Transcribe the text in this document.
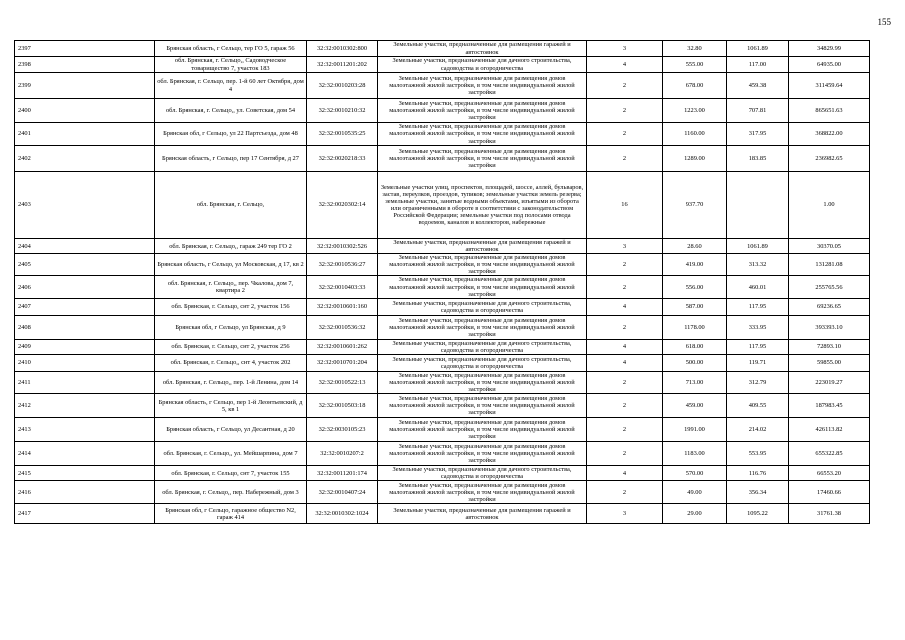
155
2397	Брянская область, г Сельцо, тер ГО 5, гараж 56	32:32:0010302:800	Земельные участки, предназначенные для размещения гаражей и автостоянок	3	32.80	1061.89	34829.99
2398	обл. Брянская, г. Сельцо,, Садоводческое товарищество 7, участок 183	32:32:0011201:202	Земельные участки, предназначенные для дачного строительства, садоводства и огородничества	4	555.00	117.00	64935.00
2399	обл. Брянская, г. Сельцо, пер. 1-й 60 лет Октября, дом 4	32:32:0010203:28	Земельные участки, предназначенные для размещения домов малоэтажной жилой застройки, в том числе индивидуальной жилой застройки	2	678.00	459.38	311459.64
2400	обл. Брянская, г. Сельцо,, ул. Советская, дом 54	32:32:0010210:32	Земельные участки, предназначенные для размещения домов малоэтажной жилой застройки, в том числе индивидуальной жилой застройки	2	1223.00	707.81	865651.63
2401	Брянская обл, г Сельцо, ул 22 Партсъезда, дом 48	32:32:0010535:25	Земельные участки, предназначенные для размещения домов малоэтажной жилой застройки, в том числе индивидуальной жилой застройки	2	1160.00	317.95	368822.00
2402	Брянская область, г Сельцо, пер 17 Сентября, д 27	32:32:0020218:33	Земельные участки, предназначенные для размещения домов малоэтажной жилой застройки, в том числе индивидуальной жилой застройки	2	1289.00	183.85	236982.65
2403	обл. Брянская, г. Сельцо,	32:32:0020302:14	Земельные участки улиц, проспектов, площадей, шоссе, аллей, бульваров, застав, переулков, проездов, тупиков; земельные участки земель резерва; земельные участки, занятые водными объектами, изъятыми из оборота или ограниченными в обороте в соответствии с законодательством Российской Федерации; земельные участки под полосами отвода водоемов, каналов и коллекторов, набережные	16	937.70		1.00
2404	обл. Брянская, г. Сельцо,, гараж 249 тер ГО 2	32:32:0010302:526	Земельные участки, предназначенные для размещения гаражей и автостоянок	3	28.60	1061.89	30370.05
2405	Брянская область, г Сельцо, ул Московская, д 17, кв 2	32:32:0010536:27	Земельные участки, предназначенные для размещения домов малоэтажной жилой застройки, в том числе индивидуальной жилой застройки	2	419.00	313.32	131281.08
2406	обл. Брянская, г. Сельцо,, пер. Чкалова, дом 7, квартира 2	32:32:0010403:33	Земельные участки, предназначенные для размещения домов малоэтажной жилой застройки, в том числе индивидуальной жилой застройки	2	556.00	460.01	255765.56
2407	обл. Брянская, г. Сельцо, снт 2, участок 156	32:32:0010601:160	Земельные участки, предназначенные для дачного строительства, садоводства и огородничества	4	587.00	117.95	69236.65
2408	Брянская обл, г Сельцо, ул Брянская, д 9	32:32:0010536:32	Земельные участки, предназначенные для размещения домов малоэтажной жилой застройки, в том числе индивидуальной жилой застройки	2	1178.00	333.95	393393.10
2409	обл. Брянская, г. Сельцо, снт 2, участок 256	32:32:0010601:262	Земельные участки, предназначенные для дачного строительства, садоводства и огородничества	4	618.00	117.95	72893.10
2410	обл. Брянская, г. Сельцо,, снт 4, участок 202	32:32:0010701:204	Земельные участки, предназначенные для дачного строительства, садоводства и огородничества	4	500.00	119.71	59855.00
2411	обл. Брянская, г. Сельцо,, пер. 1-й Ленина, дом 14	32:32:0010522:13	Земельные участки, предназначенные для размещения домов малоэтажной жилой застройки, в том числе индивидуальной жилой застройки	2	713.00	312.79	223019.27
2412	Брянская область, г Сельцо, пер 1-й Леонтьевский, д 5, кв 1	32:32:0010503:18	Земельные участки, предназначенные для размещения домов малоэтажной жилой застройки, в том числе индивидуальной жилой застройки	2	459.00	409.55	187983.45
2413	Брянская область, г Сельцо, ул Десантная, д 20	32:32:0030105:23	Земельные участки, предназначенные для размещения домов малоэтажной жилой застройки, в том числе индивидуальной жилой застройки	2	1991.00	214.02	426113.82
2414	обл. Брянская, г. Сельцо,, ул. Мейшарпина, дом 7	32:32:0010207:2	Земельные участки, предназначенные для размещения домов малоэтажной жилой застройки, в том числе индивидуальной жилой застройки	2	1183.00	553.95	655322.85
2415	обл. Брянская, г. Сельцо, снт 7, участок 155	32:32:0011201:174	Земельные участки, предназначенные для дачного строительства, садоводства и огородничества	4	570.00	116.76	66553.20
2416	обл. Брянская, г. Сельцо,, пер. Набережный, дом 3	32:32:0010407:24	Земельные участки, предназначенные для размещения домов малоэтажной жилой застройки, в том числе индивидуальной жилой застройки	2	49.00	356.34	17460.66
2417	Брянская обл, г Сельцо, гаражное общество N2, гараж 414	32:32:0010302:1024	Земельные участки, предназначенные для размещения гаражей и автостоянок	3	29.00	1095.22	31761.38
